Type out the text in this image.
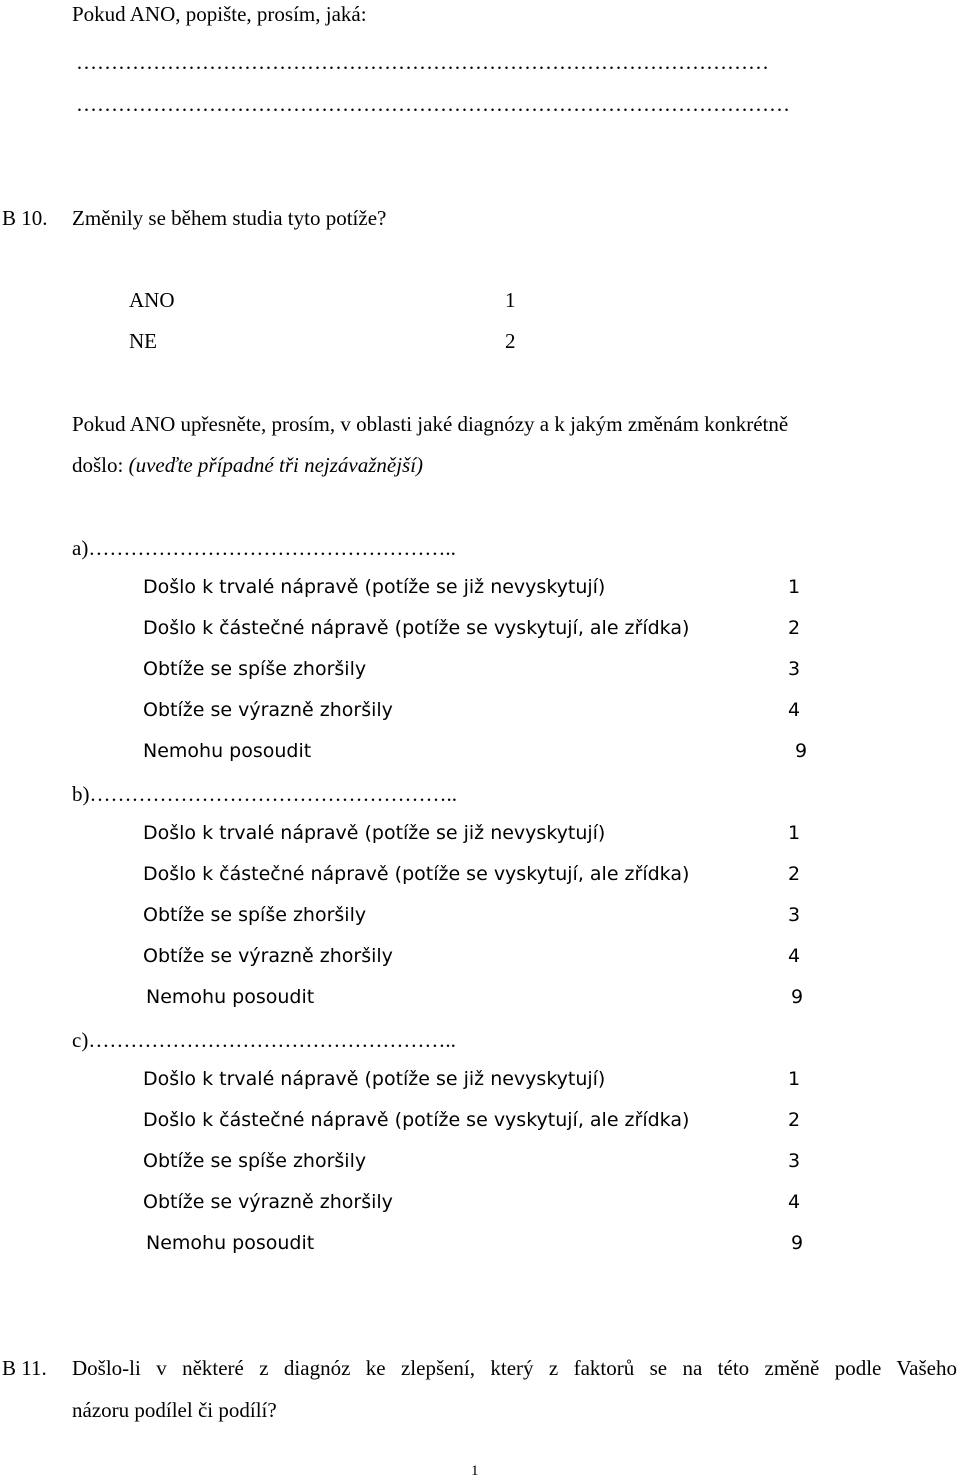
Pokud ANO, popište, prosím, jaká:
………………………………………………………………………………………
…………………………………………………………………………………………
B 10. Změnily se během studia tyto potíže?
ANO	1
NE	2
Pokud ANO upřesněte, prosím, v oblasti jaké diagnózy a k jakým změnám konkrétně
došlo: (uveďte případné tři nejzávažnější)
a)……………………………………………..
Došlo k trvalé nápravě (potíže se již nevyskytují)	1
Došlo k částečné nápravě (potíže se vyskytují, ale zřídka)	2
Obtíže se spíše zhoršily	3
Obtíže se výrazně zhoršily	4
Nemohu posoudit	9
b)……………………………………………..
Došlo k trvalé nápravě (potíže se již nevyskytují)	1
Došlo k částečné nápravě (potíže se vyskytují, ale zřídka)	2
Obtíže se spíše zhoršily	3
Obtíže se výrazně zhoršily	4
Nemohu posoudit	9
c)……………………………………………..
Došlo k trvalé nápravě (potíže se již nevyskytují)	1
Došlo k částečné nápravě (potíže se vyskytují, ale zřídka)	2
Obtíže se spíše zhoršily	3
Obtíže se výrazně zhoršily	4
Nemohu posoudit	9
B 11. Došlo-li v některé z diagnóz ke zlepšení, který z faktorů se na této změně podle Vašeho
názoru podílel či podílí?
1
